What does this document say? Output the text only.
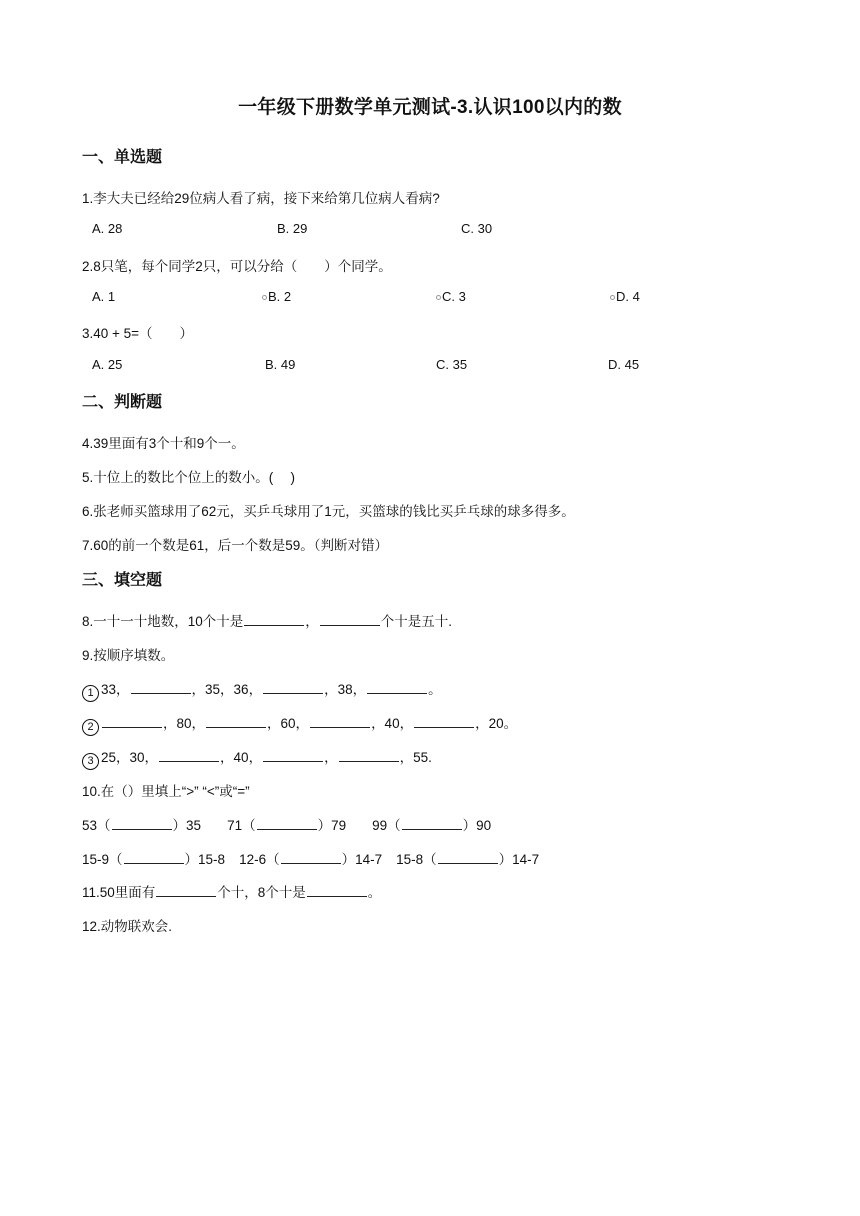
一年级下册数学单元测试-3.认识100以内的数
一、单选题
1.李大夫已经给29位病人看了病，接下来给第几位病人看病?
A. 28	B. 29	C. 30
2.8只笔，每个同学2只，可以分给（　　）个同学。
A. 1	B. 2	C. 3	D. 4
3.40 + 5=（　　）
A. 25	B. 49	C. 35	D. 45
二、判断题
4.39里面有3个十和9个一。
5.十位上的数比个位上的数小。(　 )
6.张老师买篮球用了62元，买乒乓球用了1元，买篮球的钱比买乒乓球的球多得多。
7.60的前一个数是61，后一个数是59。（判断对错）
三、填空题
8.一十一十地数，10个十是	，	个十是五十.
9.按顺序填数。
1 33，	，35，36，	，38，	。
2	，80，	，60，	，40，	，20。
3 25，30，	，40，	，	，55.
10.在（）里填上“>” “<”或“=”
53（	）35 71（	）79 99（	）90
15-9（	）15-8 12-6（	）14-7 15-8（	）14-7
11.50里面有	个十，8个十是	。
12.动物联欢会.
